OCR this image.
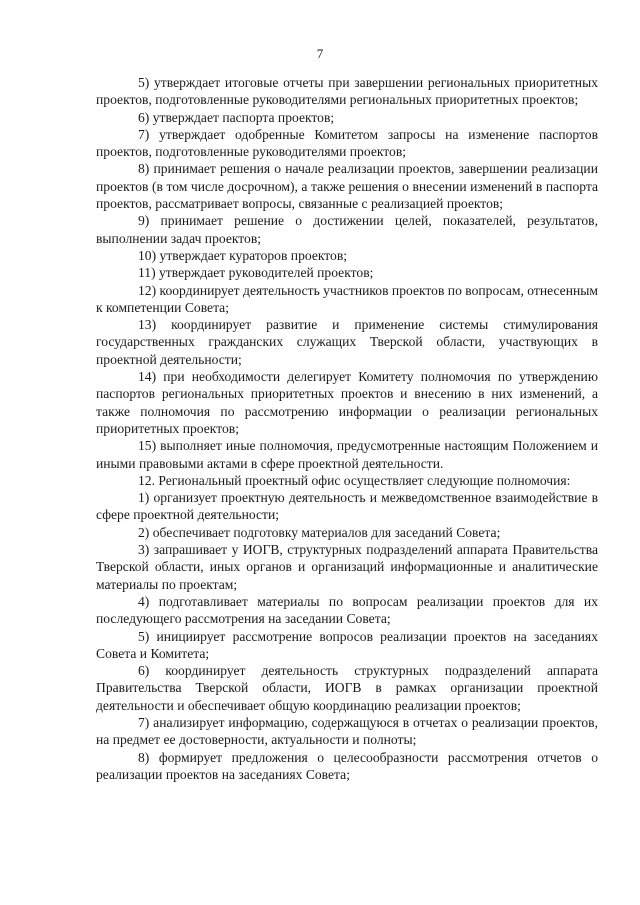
7

5) утверждает итоговые отчеты при завершении региональных приоритетных проектов, подготовленные руководителями региональных приоритетных проектов;

6) утверждает паспорта проектов;

7) утверждает одобренные Комитетом запросы на изменение паспортов проектов, подготовленные руководителями проектов;

8) принимает решения о начале реализации проектов, завершении реализации проектов (в том числе досрочном), а также решения о внесении изменений в паспорта проектов, рассматривает вопросы, связанные с реализацией проектов;

9) принимает решение о достижении целей, показателей, результатов, выполнении задач проектов;

10) утверждает кураторов проектов;

11) утверждает руководителей проектов;

12) координирует деятельность участников проектов по вопросам, отнесенным к компетенции Совета;

13) координирует развитие и применение системы стимулирования государственных гражданских служащих Тверской области, участвующих в проектной деятельности;

14) при необходимости делегирует Комитету полномочия по утверждению паспортов региональных приоритетных проектов и внесению в них изменений, а также полномочия по рассмотрению информации о реализации региональных приоритетных проектов;

15) выполняет иные полномочия, предусмотренные настоящим Положением и иными правовыми актами в сфере проектной деятельности.

12. Региональный проектный офис осуществляет следующие полномочия:

1) организует проектную деятельность и межведомственное взаимодействие в сфере проектной деятельности;

2) обеспечивает подготовку материалов для заседаний Совета;

3) запрашивает у ИОГВ, структурных подразделений аппарата Правительства Тверской области, иных органов и организаций информационные и аналитические материалы по проектам;

4) подготавливает материалы по вопросам реализации проектов для их последующего рассмотрения на заседании Совета;

5) инициирует рассмотрение вопросов реализации проектов на заседаниях Совета и Комитета;

6) координирует деятельность структурных подразделений аппарата Правительства Тверской области, ИОГВ в рамках организации проектной деятельности и обеспечивает общую координацию реализации проектов;

7) анализирует информацию, содержащуюся в отчетах о реализации проектов, на предмет ее достоверности, актуальности и полноты;

8) формирует предложения о целесообразности рассмотрения отчетов о реализации проектов на заседаниях Совета;
